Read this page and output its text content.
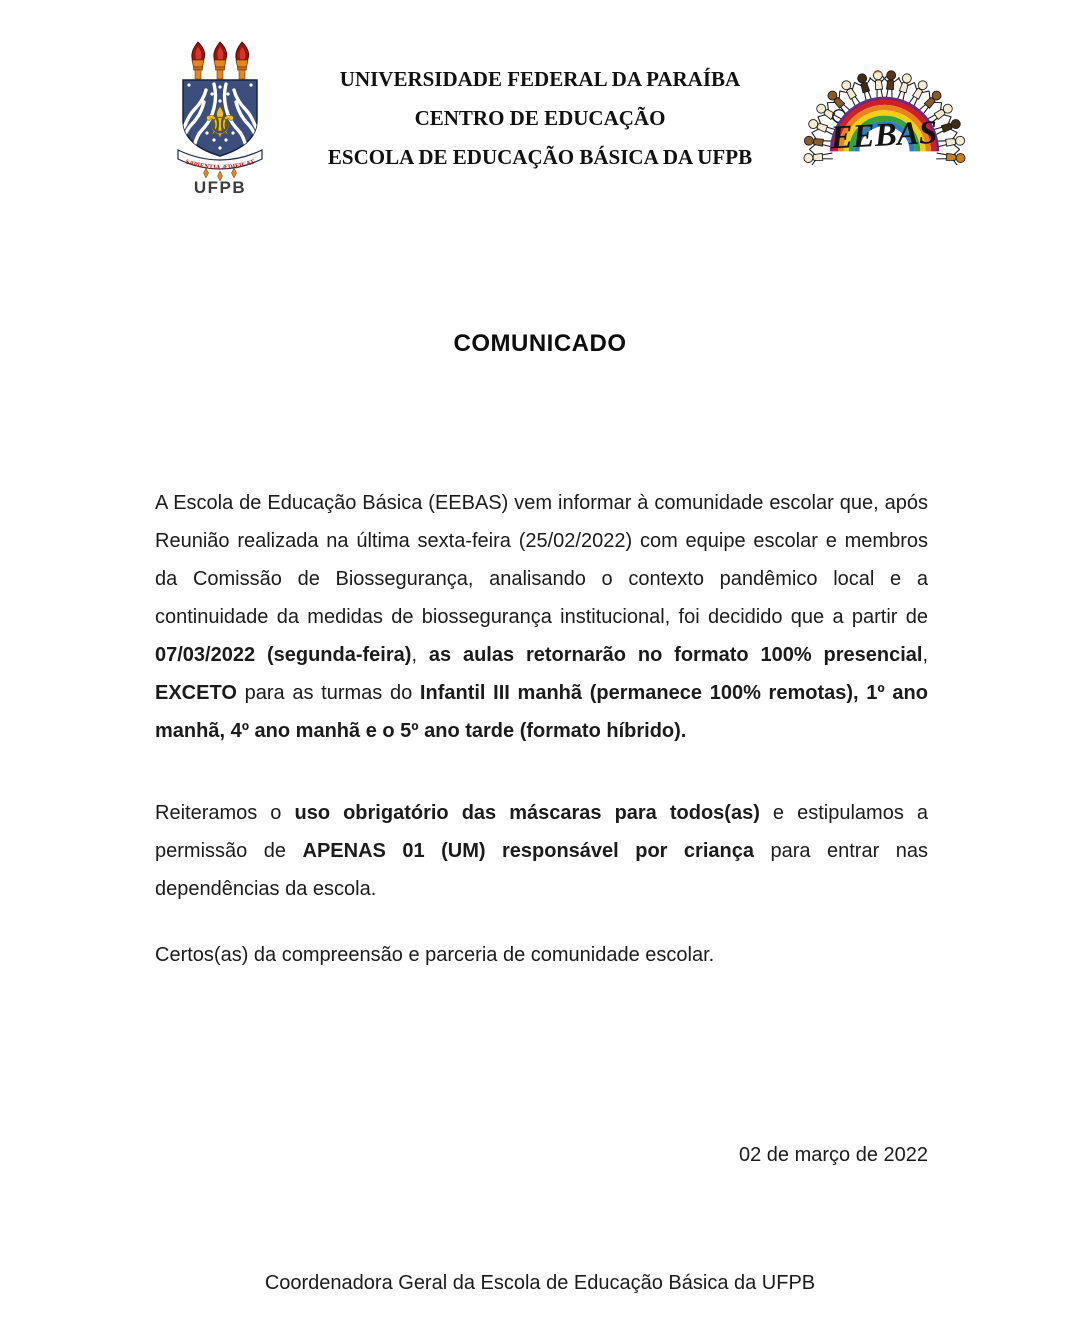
⚜
SAPIENTIA ÆDIFICAT
UFPB
UNIVERSIDADE FEDERAL DA PARAÍBA
CENTRO DE EDUCAÇÃO
ESCOLA DE EDUCAÇÃO BÁSICA DA UFPB
EEBAS
COMUNICADO

A Escola de Educação Básica (EEBAS) vem informar à comunidade escolar que, após Reunião realizada na última sexta-feira (25/02/2022) com equipe escolar e membros da Comissão de Biossegurança, analisando o contexto pandêmico local e a continuidade da medidas de biossegurança institucional, foi decidido que a partir de 07/03/2022 (segunda-feira), as aulas retornarão no formato 100% presencial, EXCETO para as turmas do Infantil III manhã (permanece 100% remotas), 1º ano manhã, 4º ano manhã e o 5º ano tarde (formato híbrido).

Reiteramos o uso obrigatório das máscaras para todos(as) e estipulamos a permissão de APENAS 01 (UM) responsável por criança para entrar nas dependências da escola.

Certos(as) da compreensão e parceria de comunidade escolar.

02 de março de 2022
Coordenadora Geral da Escola de Educação Básica da UFPB
